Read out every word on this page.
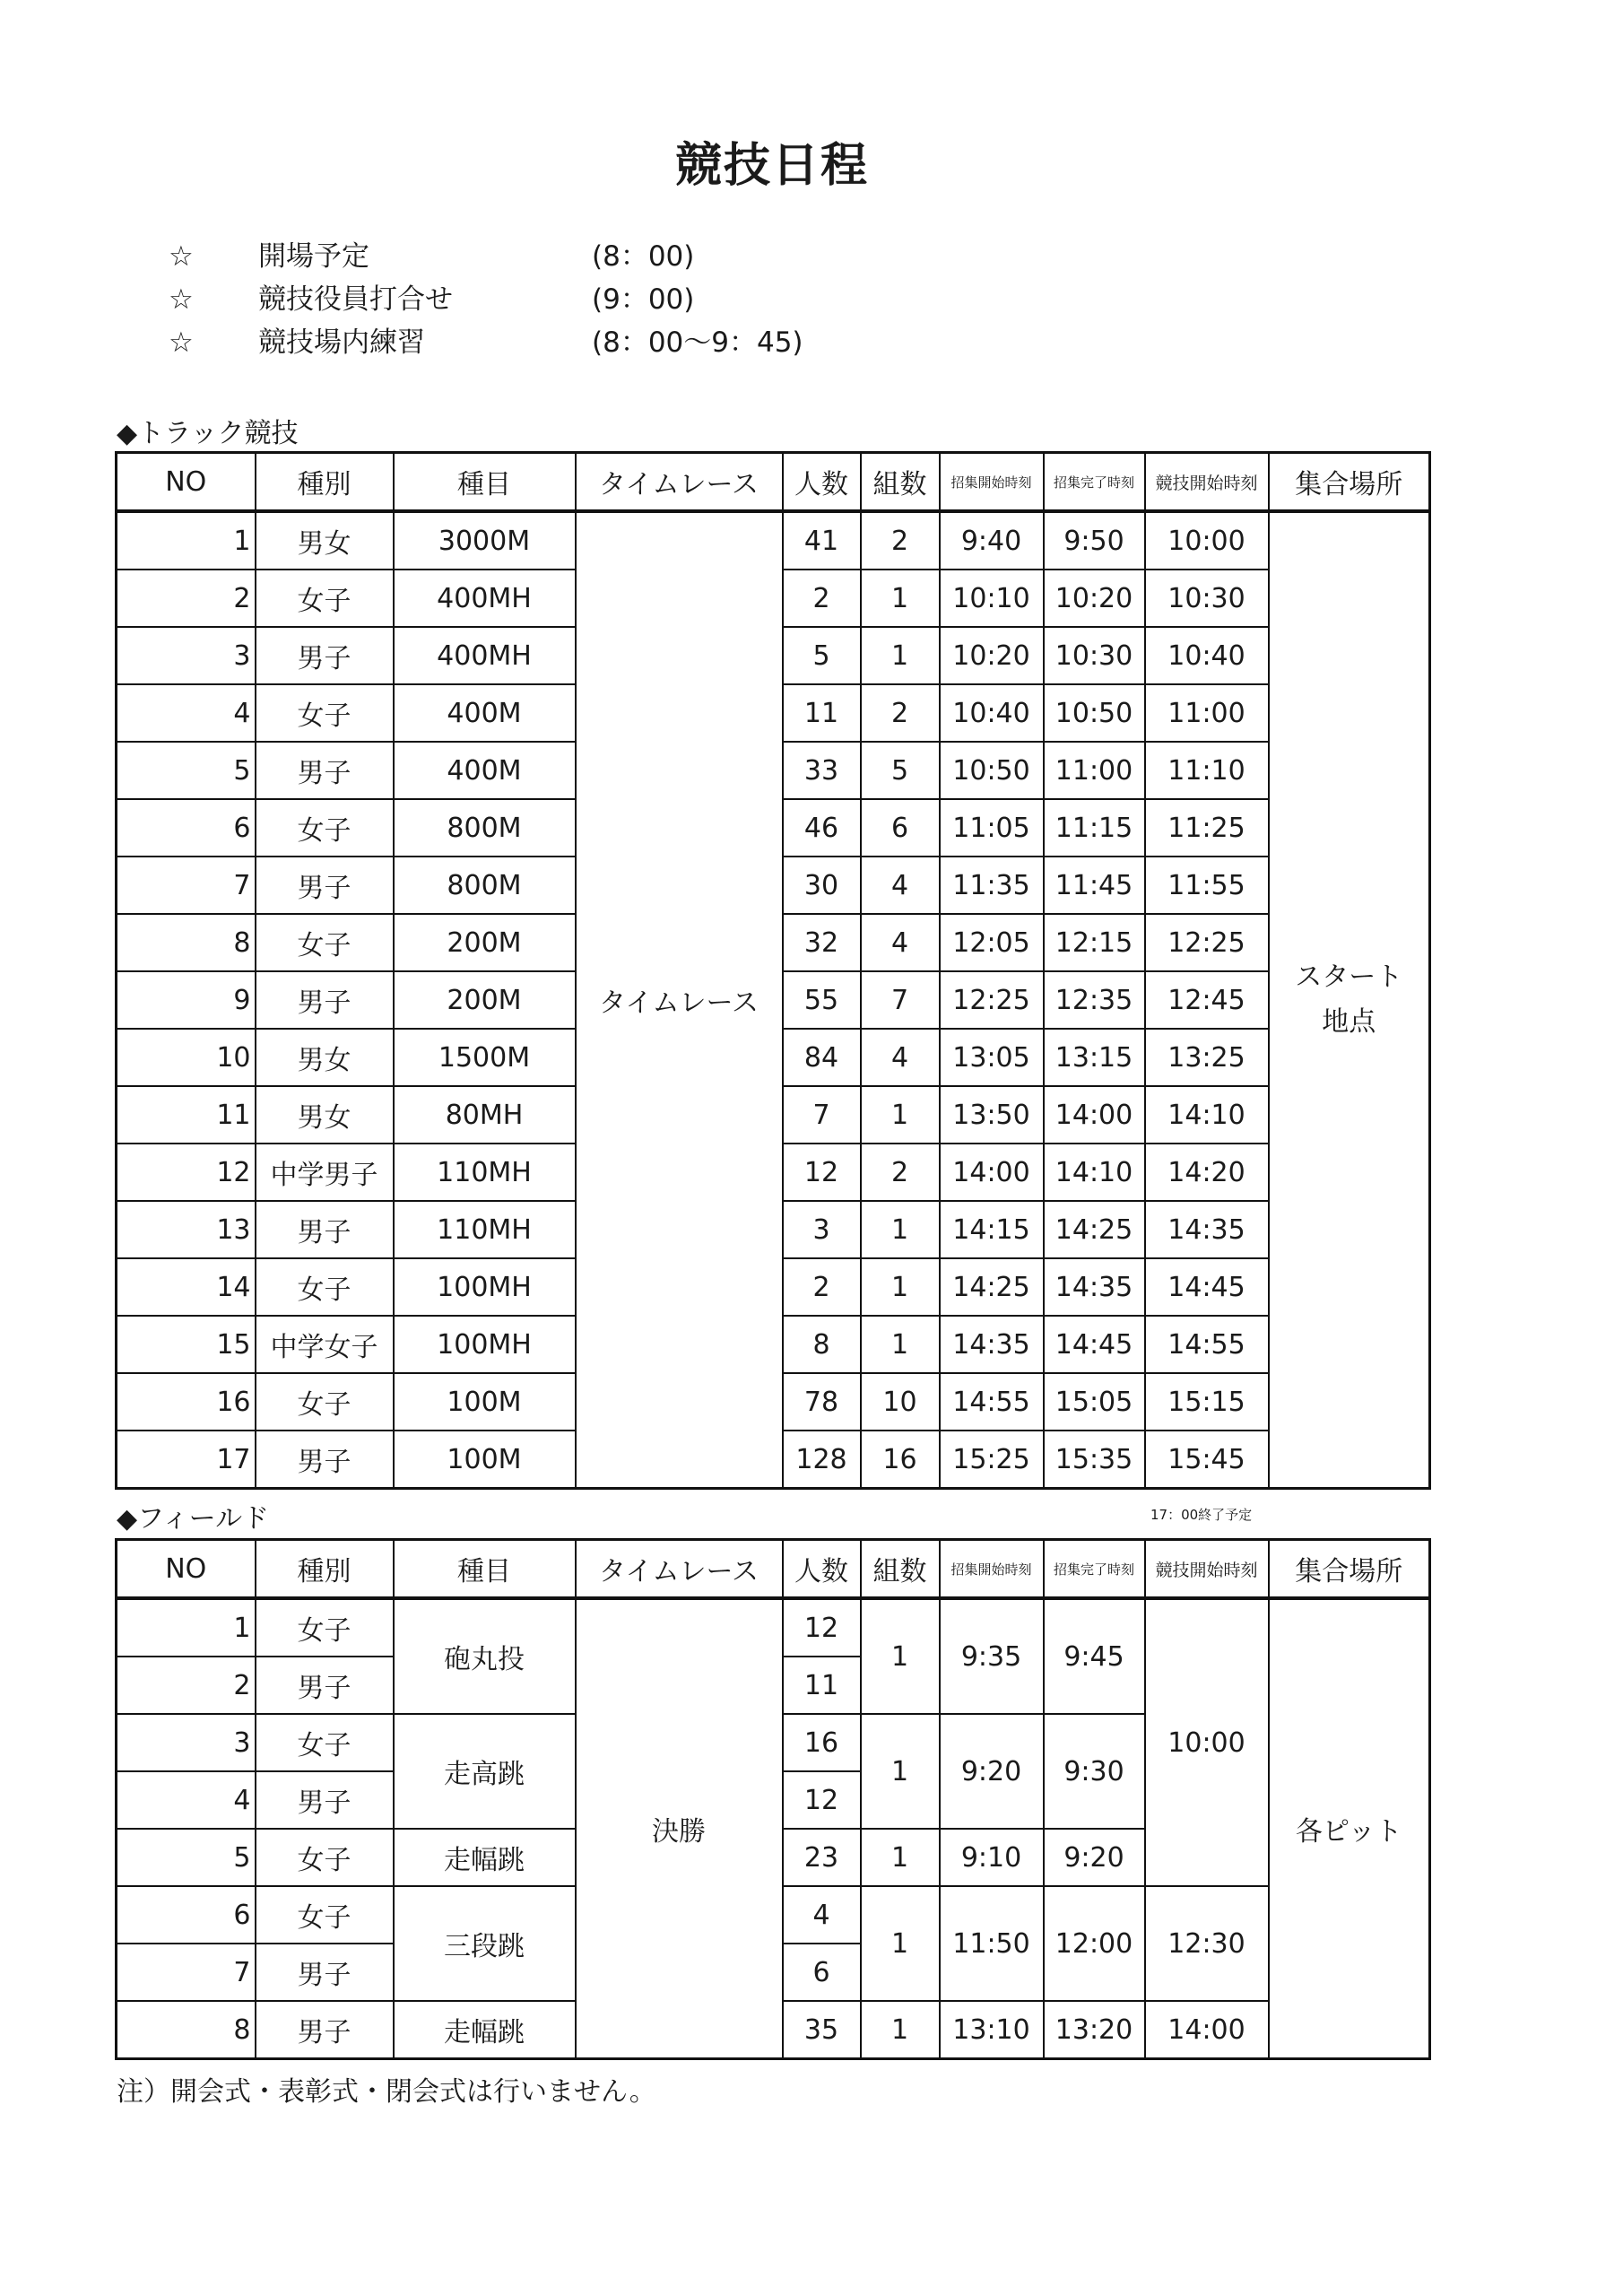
競技日程
☆ 開場予定	(8：00)
☆ 競技役員打合せ	(9：00)
☆ 競技場内練習	(8：00〜9：45)
◆トラック競技
NO	種別	種目	タイムレース	人数	組数	招集開始時刻	招集完了時刻	競技開始時刻	集合場所
1	男女	3000M	タイムレース	41	2	9:40	9:50	10:00	スタート
地点

2	女子	400MH		2	1	10:10	10:20	10:30	
3	男子	400MH		5	1	10:20	10:30	10:40	
4	女子	400M		11	2	10:40	10:50	11:00	
5	男子	400M		33	5	10:50	11:00	11:10	
6	女子	800M		46	6	11:05	11:15	11:25	
7	男子	800M		30	4	11:35	11:45	11:55	
8	女子	200M		32	4	12:05	12:15	12:25	
9	男子	200M		55	7	12:25	12:35	12:45	
10	男女	1500M		84	4	13:05	13:15	13:25	
11	男女	80MH		7	1	13:50	14:00	14:10	
12	中学男子	110MH		12	2	14:00	14:10	14:20	
13	男子	110MH		3	1	14:15	14:25	14:35	
14	女子	100MH		2	1	14:25	14:35	14:45	
15	中学女子	100MH		8	1	14:35	14:45	14:55	
16	女子	100M		78	10	14:55	15:05	15:15	
17	男子	100M		128	16	15:25	15:35	15:45	
◆フィールド	17：00終了予定
NO	種別	種目	タイムレース	人数	組数	招集開始時刻	招集完了時刻	競技開始時刻	集合場所
1	女子	砲丸投	決勝	12	1	9:35	9:45	10:00	各ピット
2	男子			11					
3	女子	走高跳		16	1	9:20	9:30		
4	男子			12					
5	女子	走幅跳		23	1	9:10	9:20		
6	女子	三段跳		4	1	11:50	12:00	12:30	
7	男子			6					
8	男子	走幅跳		35	1	13:10	13:20	14:00	
注）開会式・表彰式・閉会式は行いません。
